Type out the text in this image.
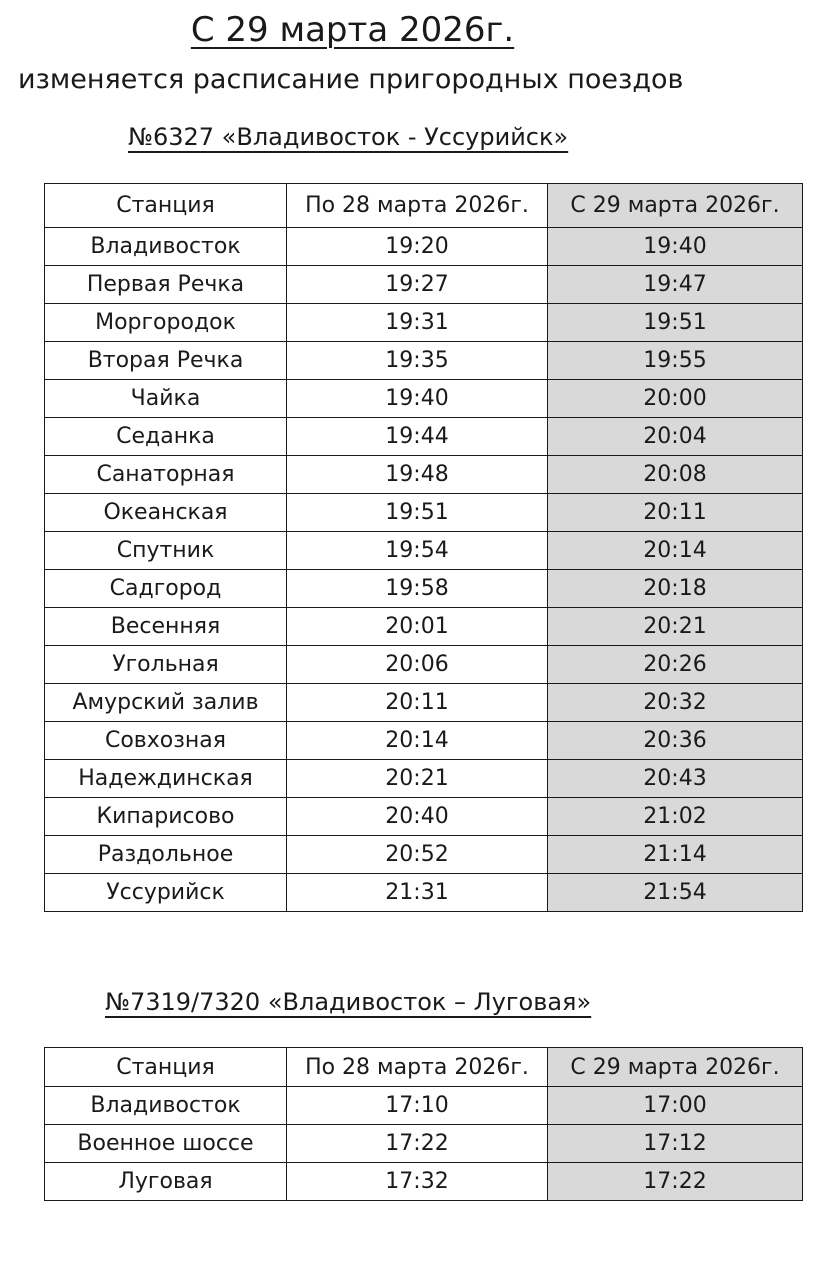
С 29 марта 2026г.
изменяется расписание пригородных поездов
№6327 «Владивосток - Уссурийск»
Станция	По 28 марта 2026г.	С 29 марта 2026г.
Владивосток	19:20	19:40
Первая Речка	19:27	19:47
Моргородок	19:31	19:51
Вторая Речка	19:35	19:55
Чайка	19:40	20:00
Седанка	19:44	20:04
Санаторная	19:48	20:08
Океанская	19:51	20:11
Спутник	19:54	20:14
Садгород	19:58	20:18
Весенняя	20:01	20:21
Угольная	20:06	20:26
Амурский залив	20:11	20:32
Совхозная	20:14	20:36
Надеждинская	20:21	20:43
Кипарисово	20:40	21:02
Раздольное	20:52	21:14
Уссурийск	21:31	21:54
№7319/7320 «Владивосток – Луговая»
Станция	По 28 марта 2026г.	С 29 марта 2026г.
Владивосток	17:10	17:00
Военное шоссе	17:22	17:12
Луговая	17:32	17:22
